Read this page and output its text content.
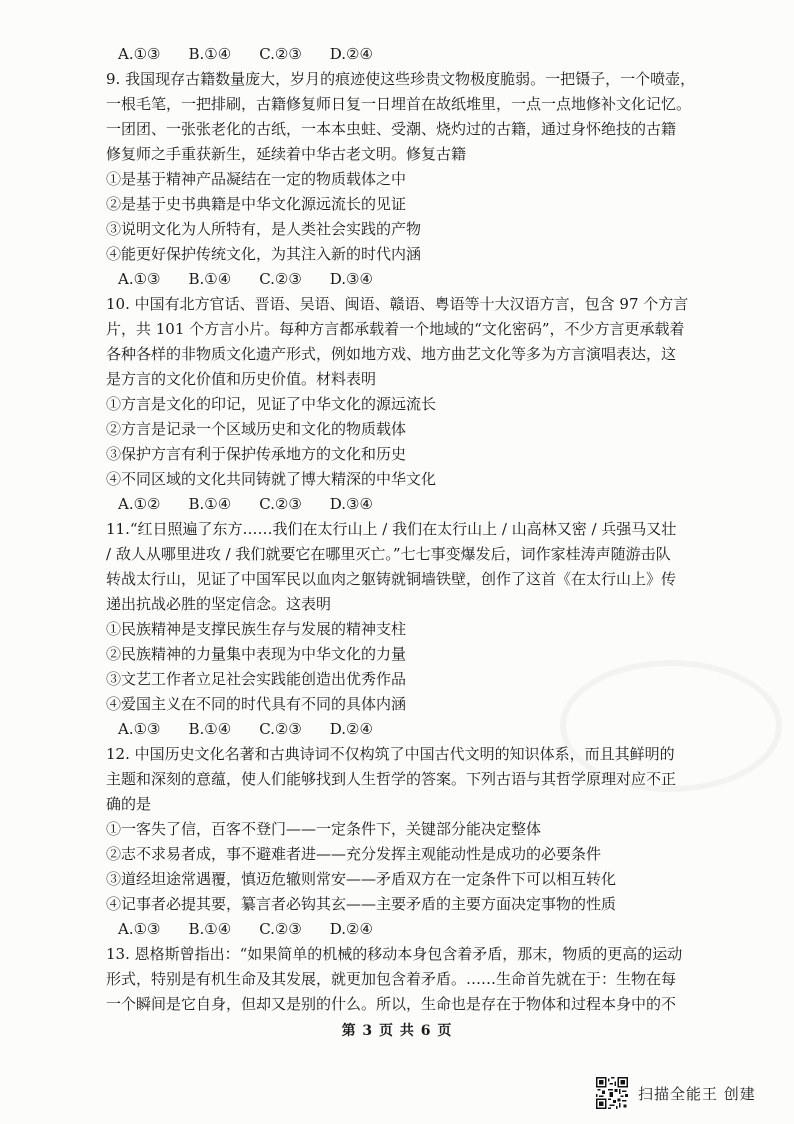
A.①③ B.①④ C.②③ D.②④
9. 我国现存古籍数量庞大，岁月的痕迹使这些珍贵文物极度脆弱。一把镊子，一个喷壶，
一根毛笔，一把排刷，古籍修复师日复一日埋首在故纸堆里，一点一点地修补文化记忆。
一团团、一张张老化的古纸，一本本虫蛀、受潮、烧灼过的古籍，通过身怀绝技的古籍
修复师之手重获新生，延续着中华古老文明。修复古籍
①是基于精神产品凝结在一定的物质载体之中
②是基于史书典籍是中华文化源远流长的见证
③说明文化为人所特有，是人类社会实践的产物
④能更好保护传统文化，为其注入新的时代内涵
A.①③ B.①④ C.②③ D.③④
10. 中国有北方官话、晋语、吴语、闽语、赣语、粤语等十大汉语方言，包含 97 个方言
片，共 101 个方言小片。每种方言都承载着一个地域的“文化密码”，不少方言更承载着
各种各样的非物质文化遗产形式，例如地方戏、地方曲艺文化等多为方言演唱表达，这
是方言的文化价值和历史价值。材料表明
①方言是文化的印记，见证了中华文化的源远流长
②方言是记录一个区域历史和文化的物质载体
③保护方言有利于保护传承地方的文化和历史
④不同区域的文化共同铸就了博大精深的中华文化
A.①② B.①④ C.②③ D.③④
11.“红日照遍了东方……我们在太行山上 / 我们在太行山上 / 山高林又密 / 兵强马又壮
/ 敌人从哪里进攻 / 我们就要它在哪里灭亡。”七七事变爆发后，词作家桂涛声随游击队
转战太行山，见证了中国军民以血肉之躯铸就铜墙铁壁，创作了这首《在太行山上》传
递出抗战必胜的坚定信念。这表明
①民族精神是支撑民族生存与发展的精神支柱
②民族精神的力量集中表现为中华文化的力量
③文艺工作者立足社会实践能创造出优秀作品
④爱国主义在不同的时代具有不同的具体内涵
A.①③ B.①④ C.②③ D.②④
12. 中国历史文化名著和古典诗词不仅构筑了中国古代文明的知识体系，而且其鲜明的
主题和深刻的意蕴，使人们能够找到人生哲学的答案。下列古语与其哲学原理对应不正
确的是
①一客失了信，百客不登门——一定条件下，关键部分能决定整体
②志不求易者成，事不避难者进——充分发挥主观能动性是成功的必要条件
③道经坦途常遇覆，慎迈危辙则常安——矛盾双方在一定条件下可以相互转化
④记事者必提其要，纂言者必钩其玄——主要矛盾的主要方面决定事物的性质
A.①③ B.①④ C.②③ D.②④
13. 恩格斯曾指出：“如果简单的机械的移动本身包含着矛盾，那末，物质的更高的运动
形式，特别是有机生命及其发展，就更加包含着矛盾。……生命首先就在于：生物在每
一个瞬间是它自身，但却又是别的什么。所以，生命也是存在于物体和过程本身中的不
第 3 页 共 6 页
扫描全能王 创建
